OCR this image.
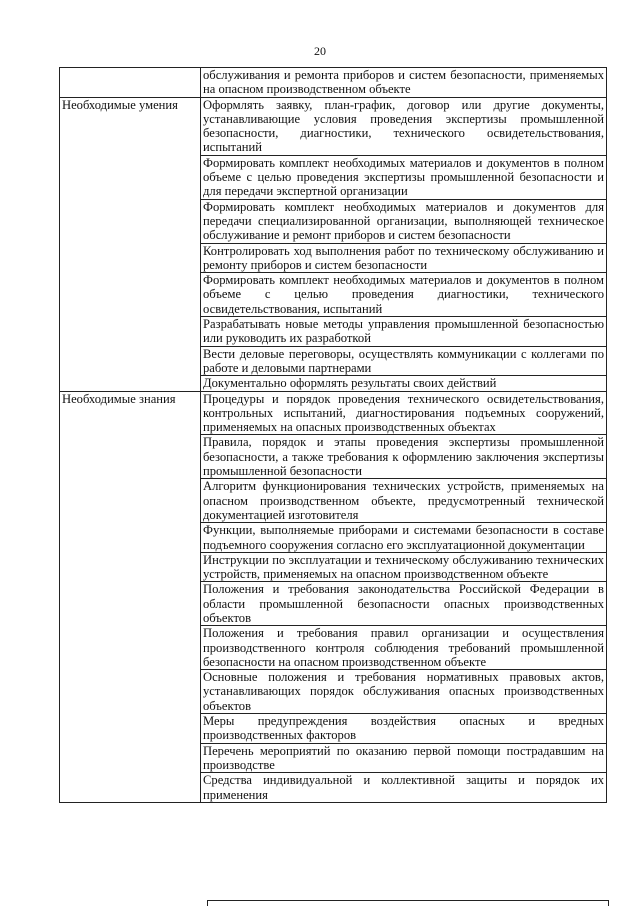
20
	обслуживания и ремонта приборов и систем безопасности, применяемых на опасном производственном объекте
Необходимые умения	Оформлять заявку, план-график, договор или другие документы, устанавливающие условия проведения экспертизы промышленной безопасности, диагностики, технического освидетельствования, испытаний
	Формировать комплект необходимых материалов и документов в полном объеме с целью проведения экспертизы промышленной безопасности и для передачи экспертной организации
	Формировать комплект необходимых материалов и документов для передачи специализированной организации, выполняющей техническое обслуживание и ремонт приборов и систем безопасности
	Контролировать ход выполнения работ по техническому обслуживанию и ремонту приборов и систем безопасности
	Формировать комплект необходимых материалов и документов в полном объеме с целью проведения диагностики, технического освидетельствования, испытаний
	Разрабатывать новые методы управления промышленной безопасностью или руководить их разработкой
	Вести деловые переговоры, осуществлять коммуникации с коллегами по работе и деловыми партнерами
	Документально оформлять результаты своих действий
Необходимые знания	Процедуры и порядок проведения технического освидетельствования, контрольных испытаний, диагностирования подъемных сооружений, применяемых на опасных производственных объектах
	Правила, порядок и этапы проведения экспертизы промышленной безопасности, а также требования к оформлению заключения экспертизы промышленной безопасности
	Алгоритм функционирования технических устройств, применяемых на опасном производственном объекте, предусмотренный технической документацией изготовителя
	Функции, выполняемые приборами и системами безопасности в составе подъемного сооружения согласно его эксплуатационной документации
	Инструкции по эксплуатации и техническому обслуживанию технических устройств, применяемых на опасном производственном объекте
	Положения и требования законодательства Российской Федерации в области промышленной безопасности опасных производственных объектов
	Положения и требования правил организации и осуществления производственного контроля соблюдения требований промышленной безопасности на опасном производственном объекте
	Основные положения и требования нормативных правовых актов, устанавливающих порядок обслуживания опасных производственных объектов
	Меры предупреждения воздействия опасных и вредных производственных факторов
	Перечень мероприятий по оказанию первой помощи пострадавшим на производстве
	Средства индивидуальной и коллективной защиты и порядок их применения
